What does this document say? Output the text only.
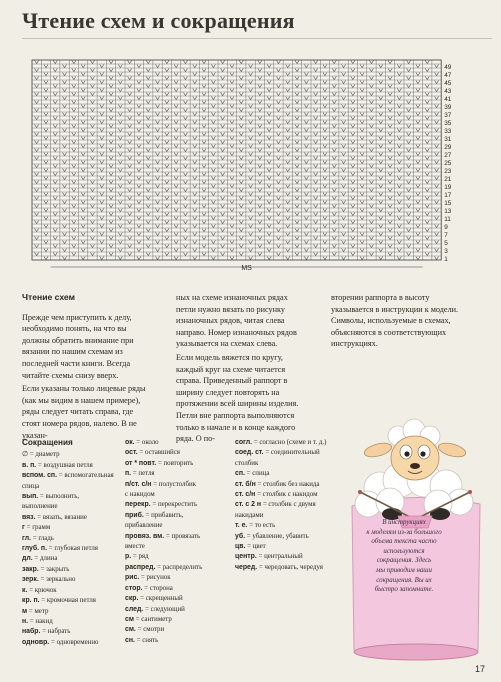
Чтение схем и сокращения
1
3
5
7
9
11
13
15
17
19
21
23
25
27
29
31
33
35
37
39
41
43
45
47
49
MS
Чтение схем

Прежде чем приступить к делу, необходимо понять, на что вы должны обратить внимание при вязании по нашим схемам из последней части книги. Всегда читайте схемы снизу вверх.

Если указаны только лицевые ряды (как мы видим в нашем примере), ряды следует читать справа, где стоят номера рядов, налево. В не указан-

ных на схеме изнаночных рядах петли нужно вязать по рисунку изнаночных рядов, читая слева направо. Номер изнаночных рядов указывается на схемах слева.

Если модель вяжется по кругу, каждый круг на схеме читается справа. Приведенный раппорт в ширину следует повторять на протяжении всей ширины изделия. Петли вне раппорта выполняются только в начале и в конце каждого ряда. О по-

вторении раппорта в высоту указывается в инструкции к модели. Символы, используемые в схемах, объясняются в соответствующих инструкциях.

Сокращения
∅ = диаметр
в. п. = воздушная петля
вспом. сп. = вспомогательная
спица
вып. = выполнить,
выполнение
вяз. = вязать, вязание
г = грамм
гл. = гладь
глуб. п. = глубокая петля
дл. = длина
закр. = закрыть
зерк. = зеркально
к. = крючок
кр. п. = кромочная петля
м = метр
н. = накид
набр. = набрать
одновр. = одновременно
ок. = около
ост. = оставшийся
от * повт. = повторить
п. = петля
п/ст. с/н = полустолбик
с накидом
перекр. = перекрестить
приб. = прибавить,
прибавление
провяз. вм. = провязать
вместе
р. = ряд
распред. = распределить
рис. = рисунок
стор. = сторона
скр. = скрещенный
след. = следующий
см = сантиметр
см. = смотри
сн. = снять
согл. = согласно (схеме и т. д.)
соед. ст. = соединительный
столбик
сп. = спица
ст. б/н = столбик без накида
ст. с/н = столбик с накидом
ст. с 2 н = столбик с двумя
накидами
т. е. = то есть
уб. = убавление, убавить
цв. = цвет
центр. = центральный
черед. = чередовать, чередуя
В инструкциях
к моделям из-за большого
объема текста часто
используются
сокращения. Здесь
мы приводим наши
сокращения. Вы их
быстро запомните.
17
